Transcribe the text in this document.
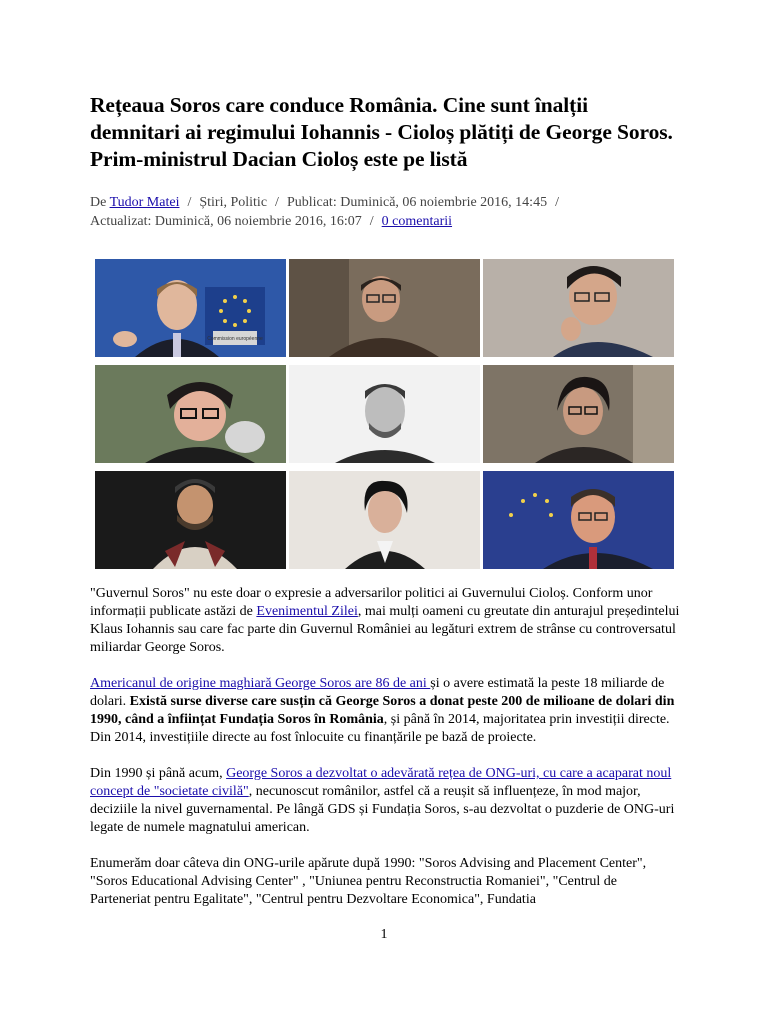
Rețeaua Soros care conduce România. Cine sunt înalții demnitari ai regimului Iohannis - Cioloș plătiți de George Soros. Prim-ministrul Dacian Cioloș este pe listă
De Tudor Matei / Știri, Politic / Publicat: Duminică, 06 noiembrie 2016, 14:45 /
Actualizat: Duminică, 06 noiembrie 2016, 16:07 / 0 comentarii
Commission européenne

"Guvernul Soros" nu este doar o expresie a adversarilor politici ai Guvernului Cioloș. Conform unor informații publicate astăzi de Evenimentul Zilei, mai mulți oameni cu greutate din anturajul președintelui Klaus Iohannis sau care fac parte din Guvernul României au legături extrem de strânse cu controversatul miliardar George Soros.

Americanul de origine maghiară George Soros are 86 de ani și o avere estimată la peste 18 miliarde de dolari. Există surse diverse care susțin că George Soros a donat peste 200 de milioane de dolari din 1990, când a înființat Fundația Soros în România, și până în 2014, majoritatea prin investiții directe. Din 2014, investițiile directe au fost înlocuite cu finanțările pe bază de proiecte.

Din 1990 și până acum, George Soros a dezvoltat o adevărată rețea de ONG-uri, cu care a acaparat noul concept de "societate civilă", necunoscut românilor, astfel că a reușit să influențeze, în mod major, deciziile la nivel guvernamental. Pe lângă GDS și Fundația Soros, s-au dezvoltat o puzderie de ONG-uri legate de numele magnatului american.

Enumerăm doar câteva din ONG-urile apărute după 1990: "Soros Advising and Placement Center", "Soros Educational Advising Center" , "Uniunea pentru Reconstructia Romaniei", "Centrul de Parteneriat pentru Egalitate", "Centrul pentru Dezvoltare Economica", Fundatia

1
